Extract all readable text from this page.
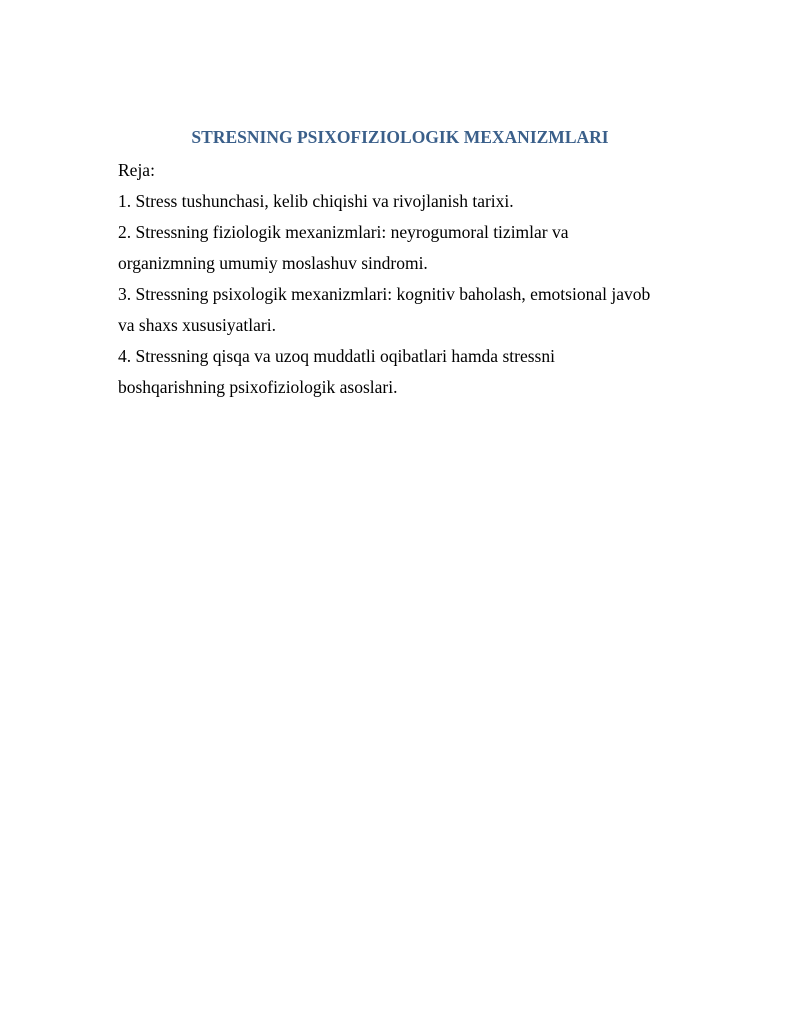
STRESNING PSIXOFIZIOLOGIK MEXANIZMLARI
Reja:
1. Stress tushunchasi, kelib chiqishi va rivojlanish tarixi.
2. Stressning fiziologik mexanizmlari: neyrogumoral tizimlar va
organizmning umumiy moslashuv sindromi.
3. Stressning psixologik mexanizmlari: kognitiv baholash, emotsional javob
va shaxs xususiyatlari.
4. Stressning qisqa va uzoq muddatli oqibatlari hamda stressni
boshqarishning psixofiziologik asoslari.
